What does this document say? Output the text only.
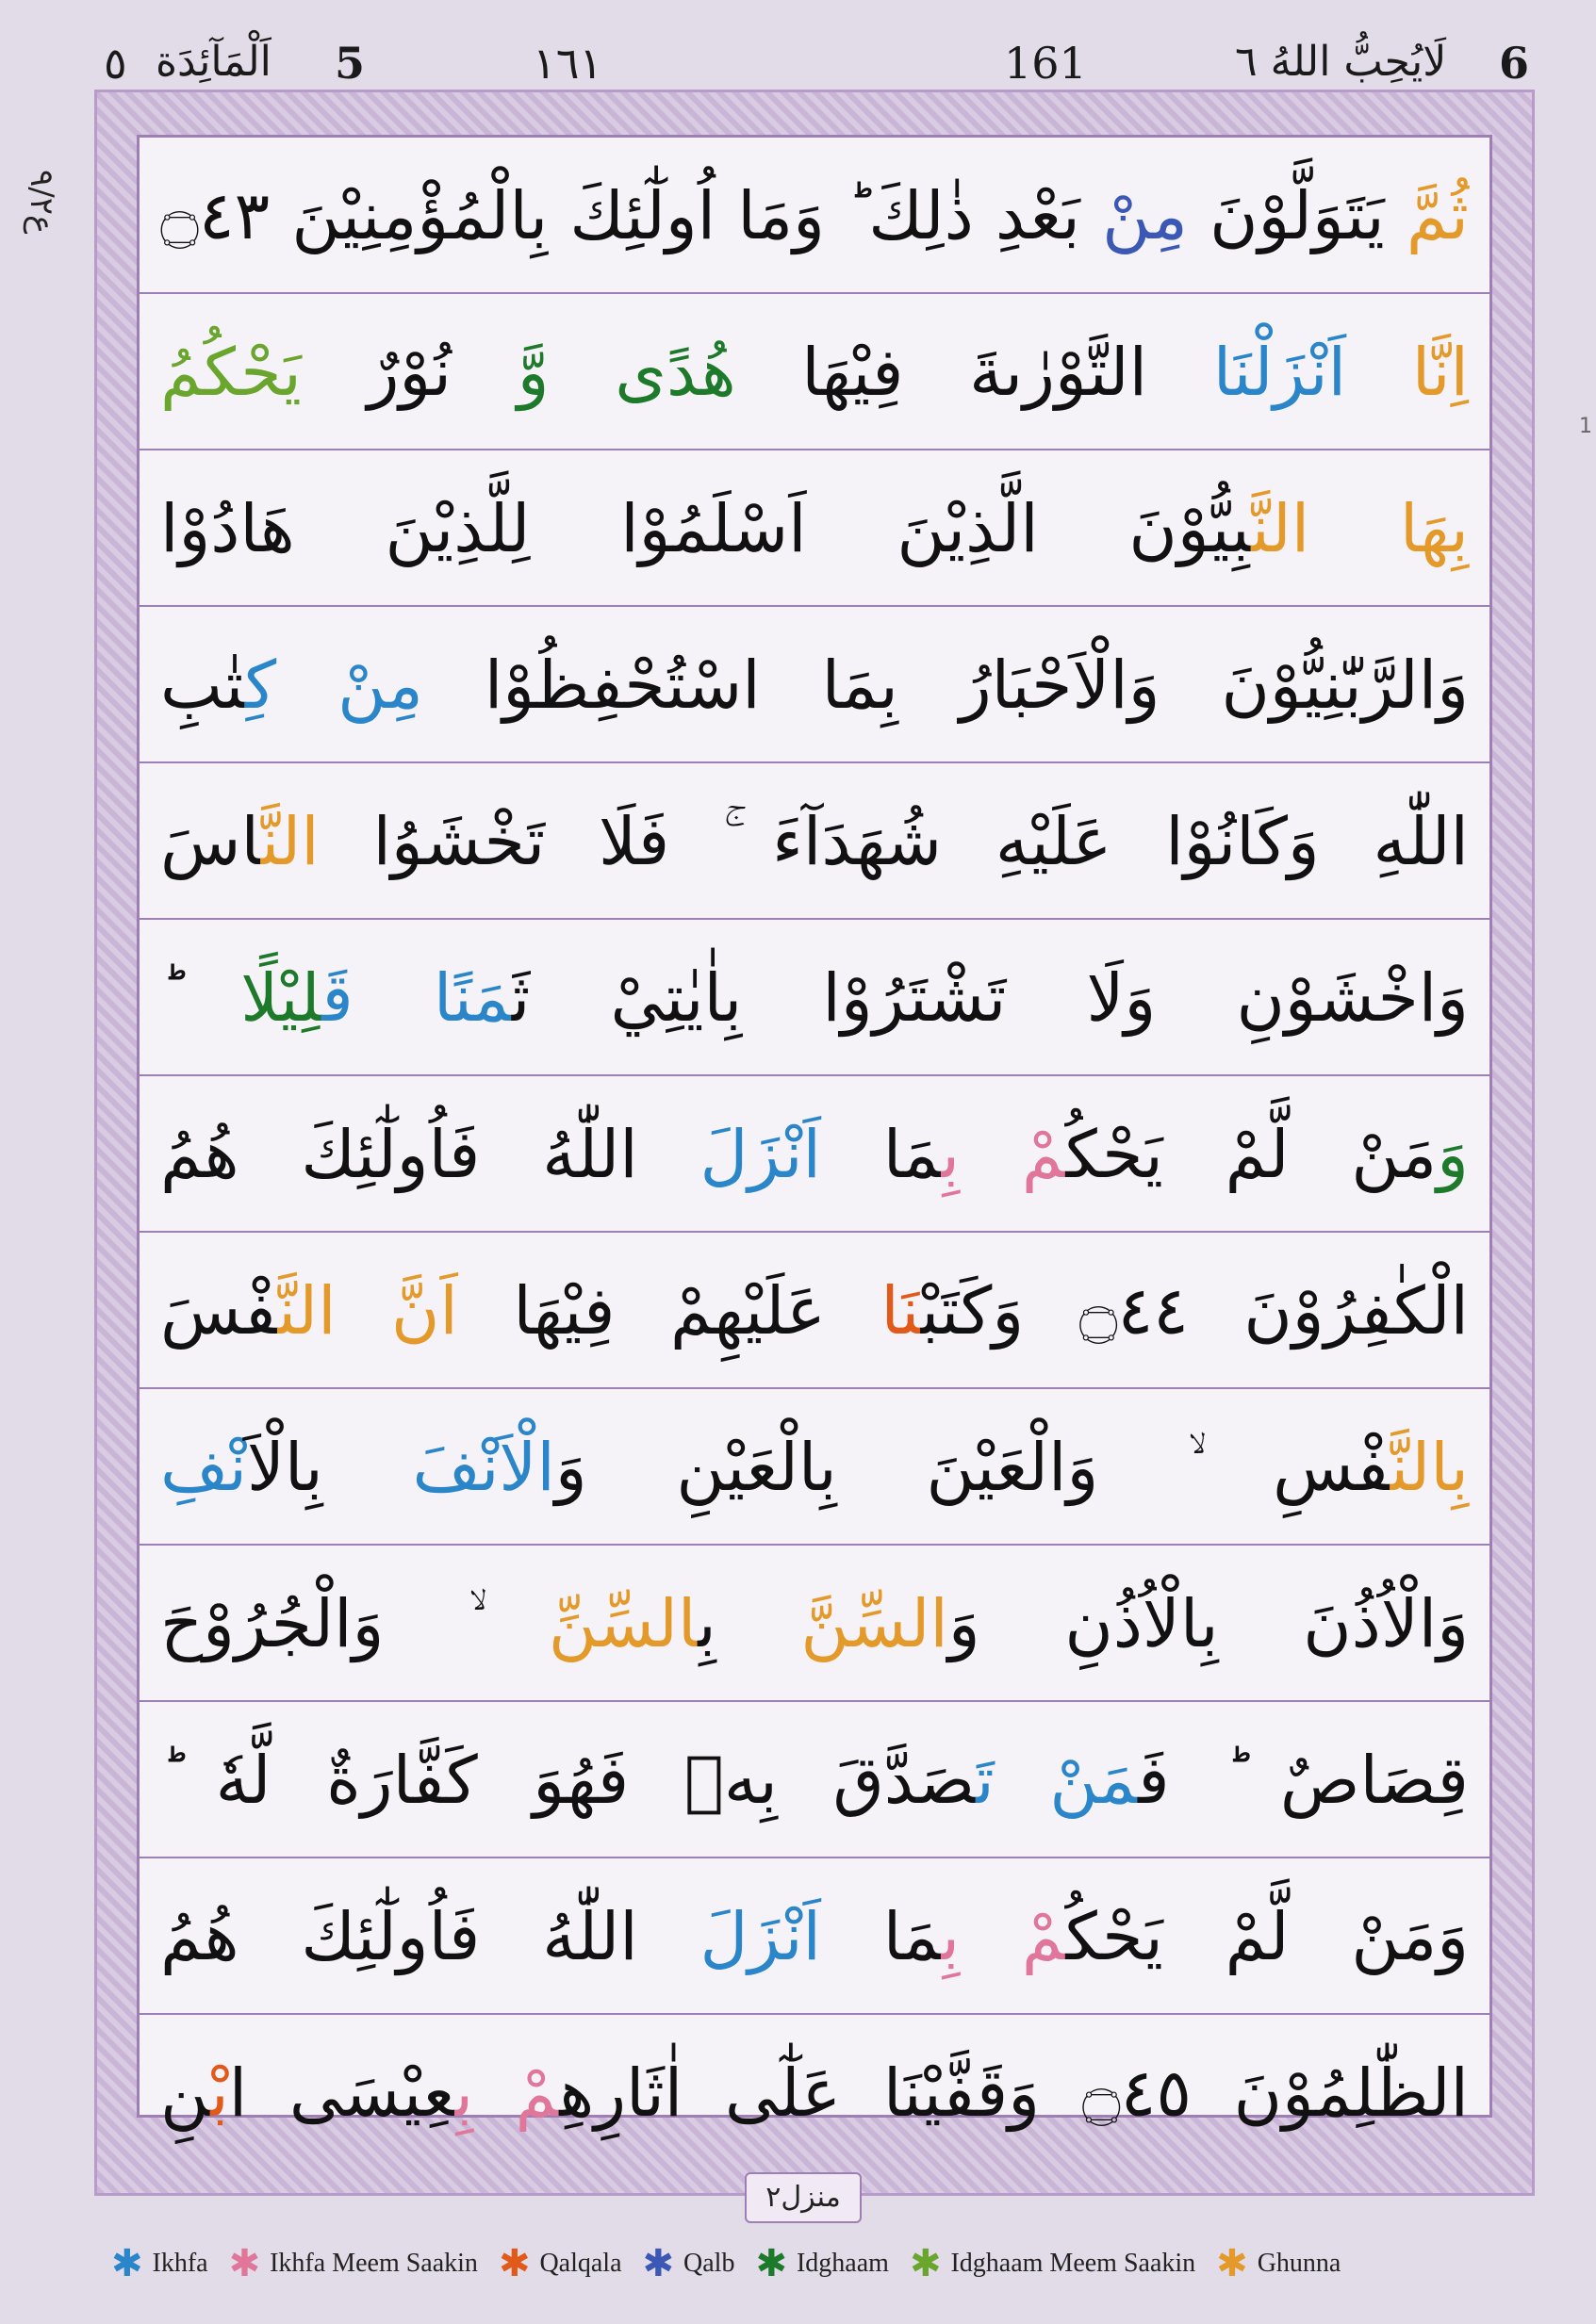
٥ اَلْمَآئِدَة 5	١٦١	161	لَايُحِبُّ اللهُ ٦ 6
ع٩/٢
1
ثُمَّ يَتَوَلَّوْنَ مِنْ بَعْدِ ذٰلِكَ ؕ وَمَا اُولٰٓئِكَ بِالْمُؤْمِنِيْنَ ۝٤٣
اِنَّا اَنْزَلْنَا التَّوْرٰىةَ فِيْهَا هُدًى وَّ نُوْرٌ يَحْكُمُ
بِهَا النَّبِيُّوْنَ الَّذِيْنَ اَسْلَمُوْا لِلَّذِيْنَ هَادُوْا
وَالرَّبّٰنِيُّوْنَ وَالْاَحْبَارُ بِمَا اسْتُحْفِظُوْا مِنْ كِتٰبِ
اللّٰهِ وَكَانُوْا عَلَيْهِ شُهَدَآءَ ۚ فَلَا تَخْشَوُا النَّاسَ
وَاخْشَوْنِ وَلَا تَشْتَرُوْا بِاٰيٰتِيْ ثَمَنًا قَلِيْلًا ؕ
وَمَنْ لَّمْ يَحْكُمْ بِمَا اَنْزَلَ اللّٰهُ فَاُولٰٓئِكَ هُمُ
الْكٰفِرُوْنَ ۝٤٤ وَكَتَبْنَا عَلَيْهِمْ فِيْهَا اَنَّ النَّفْسَ
بِالنَّفْسِ ۙ وَالْعَيْنَ بِالْعَيْنِ وَالْاَنْفَ بِالْاَنْفِ
وَالْاُذُنَ بِالْاُذُنِ وَالسِّنَّ بِالسِّنِّ ۙ وَالْجُرُوْحَ
قِصَاصٌ ؕ فَمَنْ تَصَدَّقَ بِهٖ فَهُوَ كَفَّارَةٌ لَّهٗ ؕ
وَمَنْ لَّمْ يَحْكُمْ بِمَا اَنْزَلَ اللّٰهُ فَاُولٰٓئِكَ هُمُ
الظّٰلِمُوْنَ ۝٤٥ وَقَفَّيْنَا عَلٰٓى اٰثَارِهِمْ بِعِيْسَى ابْنِ
منزل٢
✱ Ikhfa ✱ Ikhfa Meem Saakin ✱ Qalqala ✱ Qalb ✱ Idghaam ✱ Idghaam Meem Saakin ✱ Ghunna
